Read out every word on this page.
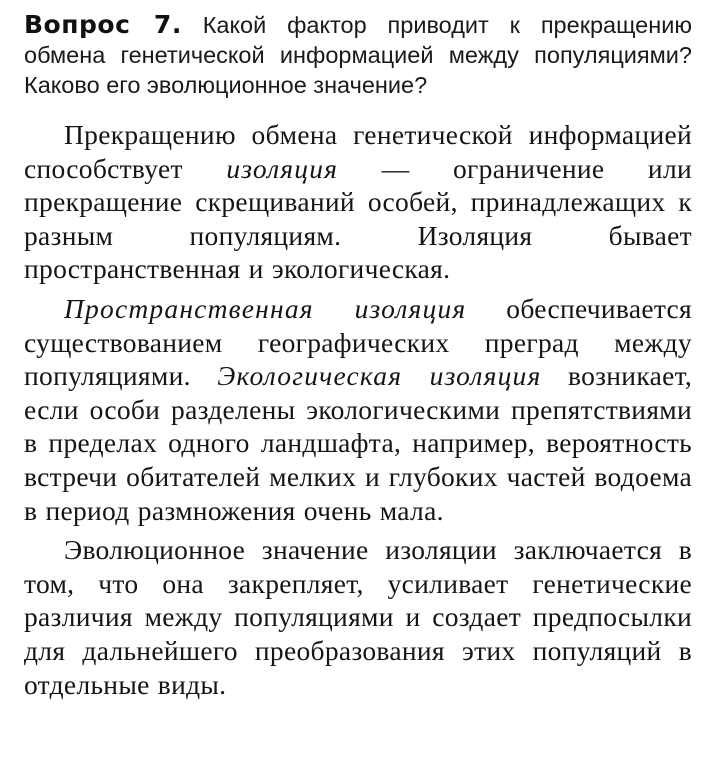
Вопрос 7. Какой фактор приводит к прекращению обмена генетической информацией между популяциями? Каково его эволюционное значение?

Прекращению обмена генетической информацией способствует изоляция — ограничение или прекращение скрещиваний особей, принадлежащих к разным популяциям. Изоляция бывает пространственная и экологическая.

Пространственная изоляция обеспечивается существованием географических преград между популяциями. Экологическая изоляция возникает, если особи разделены экологическими препятствиями в пределах одного ландшафта, например, вероятность встречи обитателей мелких и глубоких частей водоема в период размножения очень мала.

Эволюционное значение изоляции заключается в том, что она закрепляет, усиливает генетические различия между популяциями и создает предпосылки для дальнейшего преобразования этих популяций в отдельные виды.
